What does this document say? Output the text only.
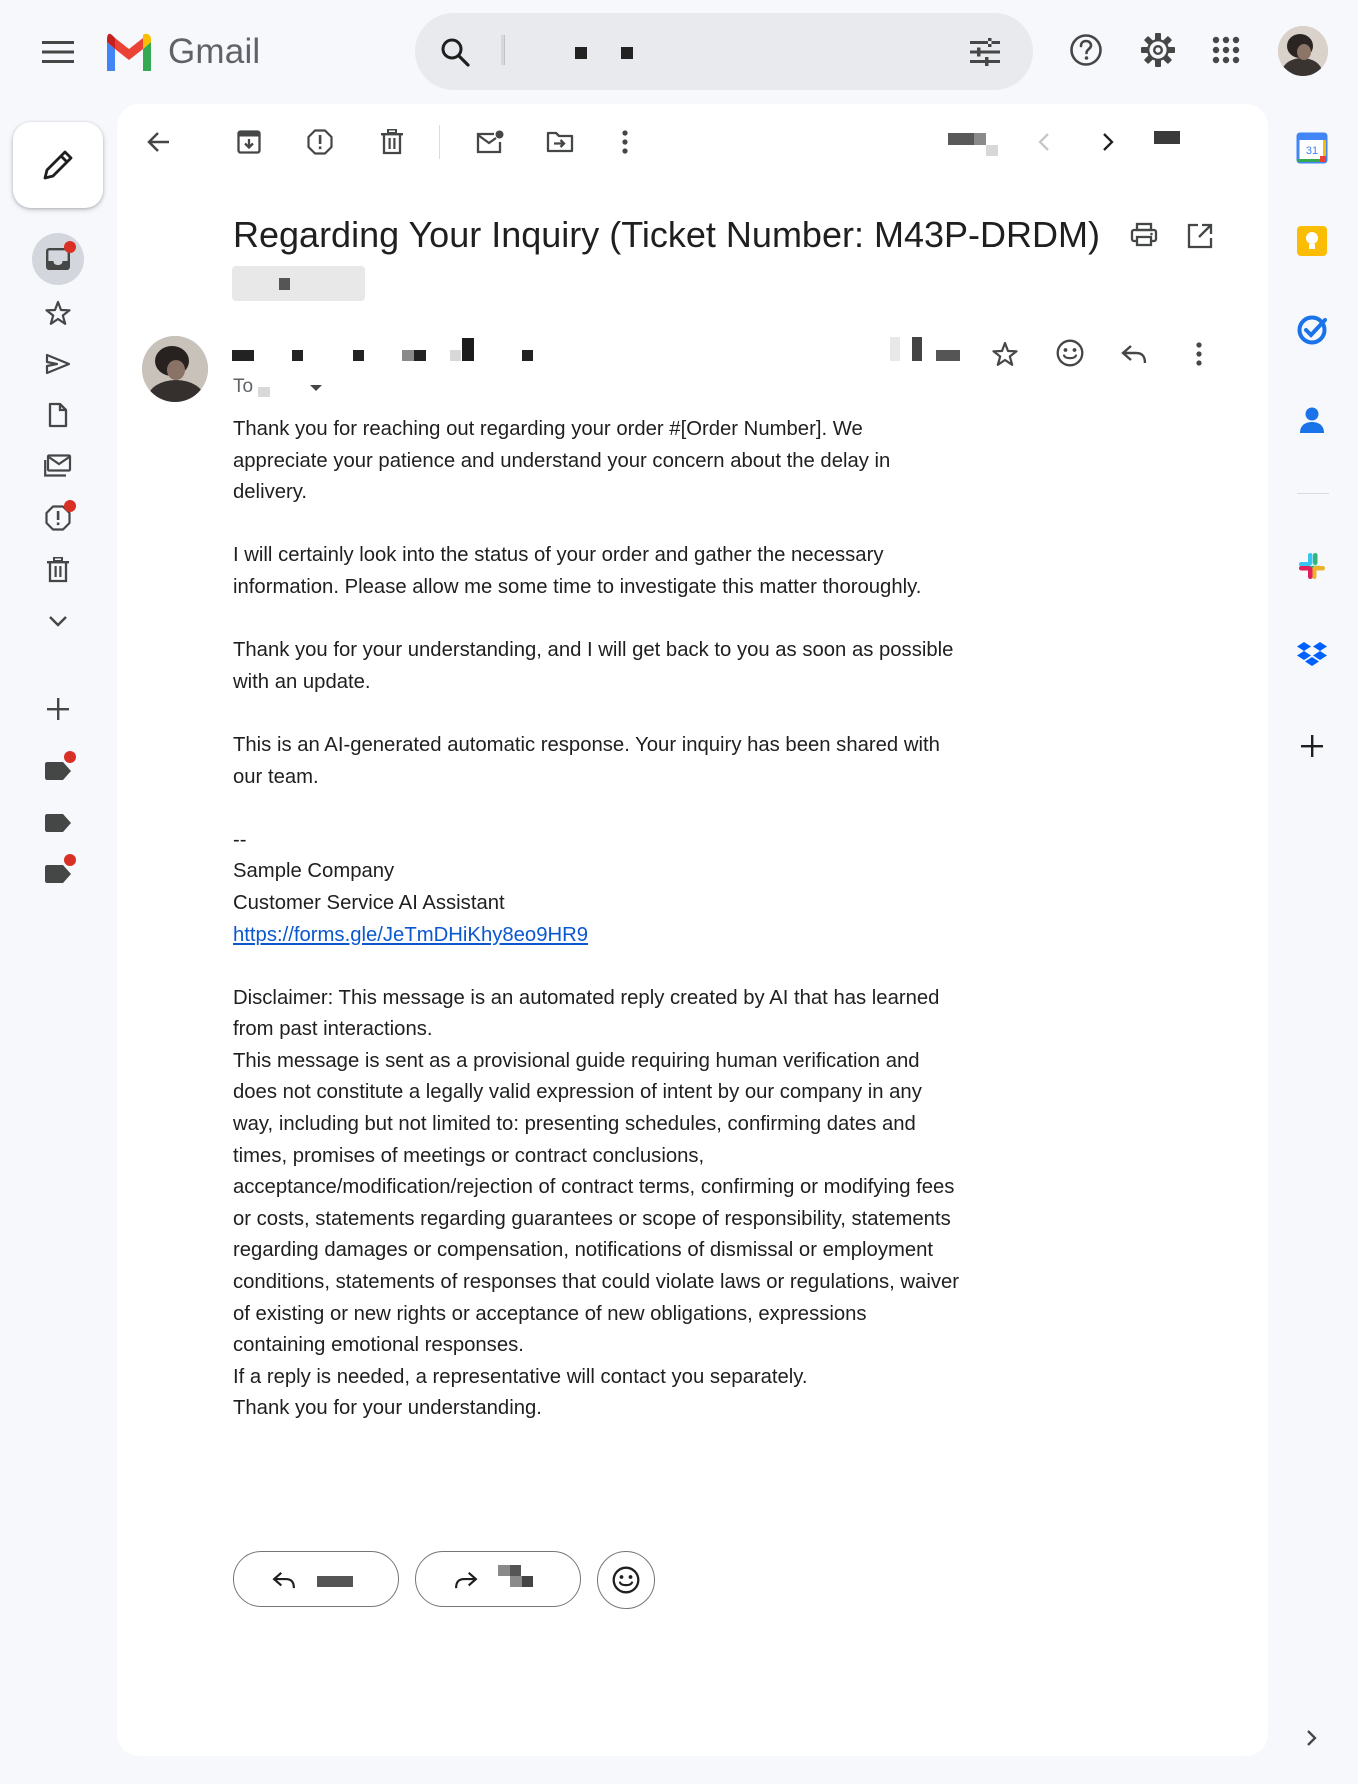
Gmail
Regarding Your Inquiry (Ticket Number: M43P-DRDM)
To

Thank you for reaching out regarding your order #[Order Number]. We appreciate your patience and understand your concern about the delay in delivery.

I will certainly look into the status of your order and gather the necessary information. Please allow me some time to investigate this matter thoroughly.

Thank you for your understanding, and I will get back to you as soon as possible with an update.

This is an AI-generated automatic response. Your inquiry has been shared with our team.

--

Sample Company

Customer Service AI Assistant

https://forms.gle/JeTmDHiKhy8eo9HR9

Disclaimer: This message is an automated reply created by AI that has learned from past interactions.

This message is sent as a provisional guide requiring human verification and does not constitute a legally valid expression of intent by our company in any way, including but not limited to: presenting schedules, confirming dates and times, promises of meetings or contract conclusions, acceptance/modification/rejection of contract terms, confirming or modifying fees or costs, statements regarding guarantees or scope of responsibility, statements regarding damages or compensation, notifications of dismissal or employment conditions, statements of responses that could violate laws or regulations, waiver of existing or new rights or acceptance of new obligations, expressions containing emotional responses.

If a reply is needed, a representative will contact you separately.

Thank you for your understanding.

31
